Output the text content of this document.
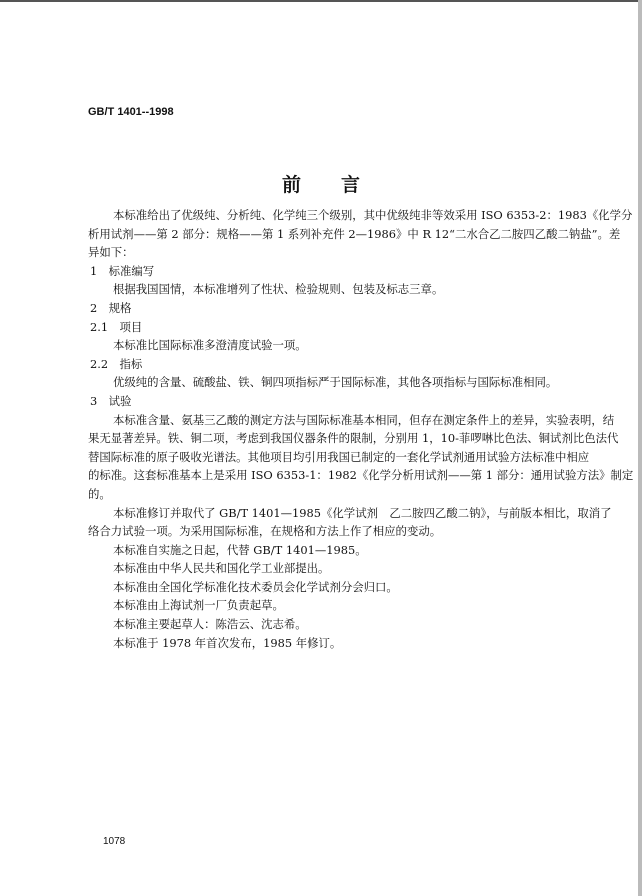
GB/T 1401--1998
前言
本标准给出了优级纯、分析纯、化学纯三个级别，其中优级纯非等效采用 ISO 6353-2：1983《化学分
析用试剂——第 2 部分：规格——第 1 系列补充件 2—1986》中 R 12“二水合乙二胺四乙酸二钠盐”。差
异如下：
1　标准编写
根据我国国情，本标准增列了性状、检验规则、包装及标志三章。
2　规格
2.1　项目
本标准比国际标准多澄清度试验一项。
2.2　指标
优级纯的含量、硫酸盐、铁、铜四项指标严于国际标准，其他各项指标与国际标准相同。
3　试验
本标准含量、氨基三乙酸的测定方法与国际标准基本相同，但存在测定条件上的差异，实验表明，结
果无显著差异。铁、铜二项，考虑到我国仪器条件的限制，分别用 1，10-菲啰啉比色法、铜试剂比色法代
替国际标准的原子吸收光谱法。其他项目均引用我国已制定的一套化学试剂通用试验方法标准中相应
的标准。这套标准基本上是采用 ISO 6353-1：1982《化学分析用试剂——第 1 部分：通用试验方法》制定
的。
本标准修订并取代了 GB/T 1401—1985《化学试剂　乙二胺四乙酸二钠》，与前版本相比，取消了
络合力试验一项。为采用国际标准，在规格和方法上作了相应的变动。
本标准自实施之日起，代替 GB/T 1401—1985。
本标准由中华人民共和国化学工业部提出。
本标准由全国化学标准化技术委员会化学试剂分会归口。
本标准由上海试剂一厂负责起草。
本标准主要起草人：陈浩云、沈志希。
本标准于 1978 年首次发布，1985 年修订。
1078
